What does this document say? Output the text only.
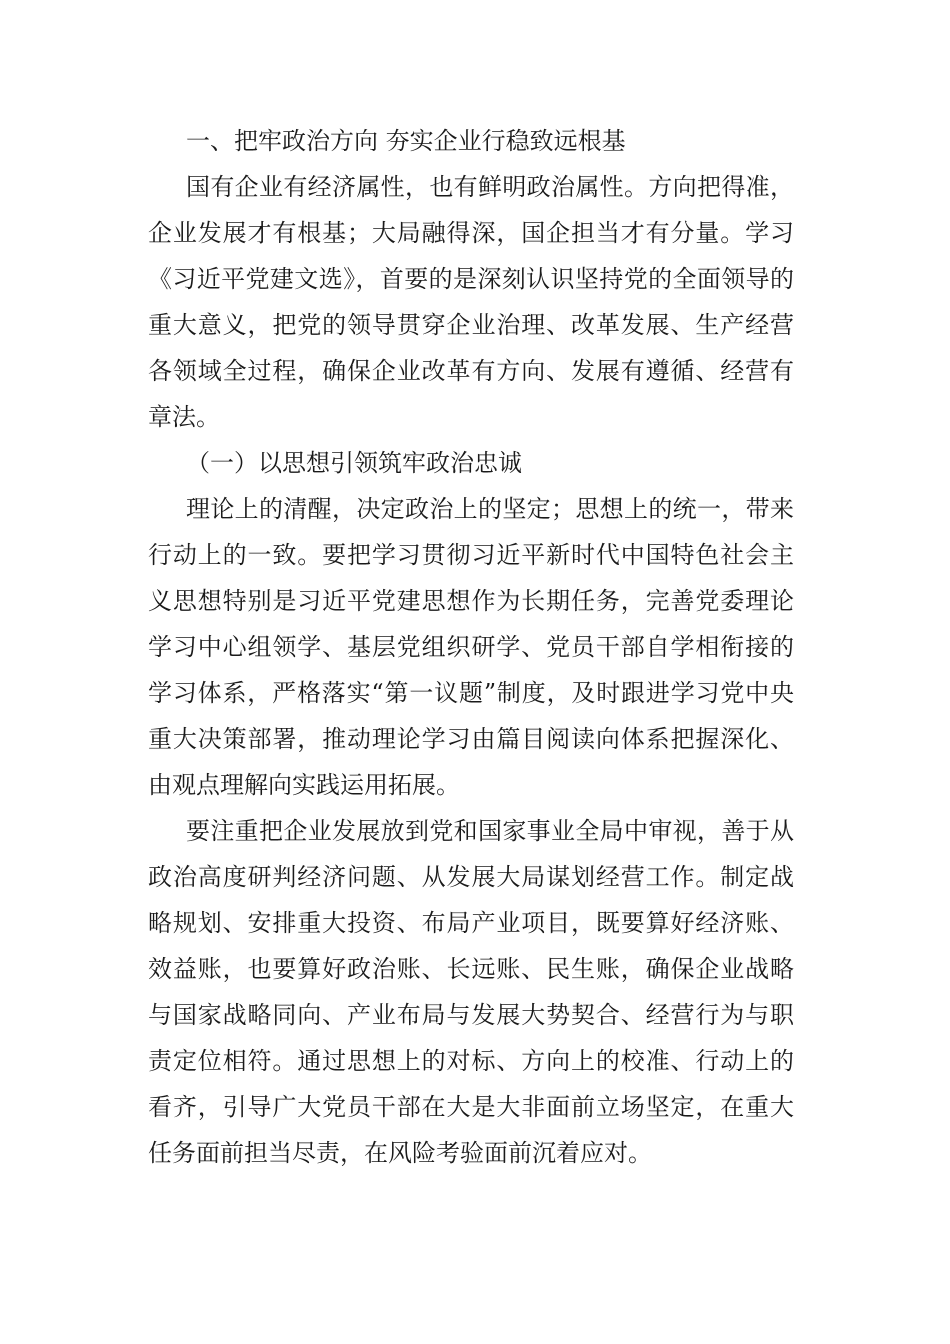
一、把牢政治方向 夯实企业行稳致远根基

国有企业有经济属性，也有鲜明政治属性。方向把得准，企业发展才有根基；大局融得深，国企担当才有分量。学习《习近平党建文选》，首要的是深刻认识坚持党的全面领导的重大意义，把党的领导贯穿企业治理、改革发展、生产经营各领域全过程，确保企业改革有方向、发展有遵循、经营有章法。

（一）以思想引领筑牢政治忠诚

理论上的清醒，决定政治上的坚定；思想上的统一，带来行动上的一致。要把学习贯彻习近平新时代中国特色社会主义思想特别是习近平党建思想作为长期任务，完善党委理论学习中心组领学、基层党组织研学、党员干部自学相衔接的学习体系，严格落实“第一议题”制度，及时跟进学习党中央重大决策部署，推动理论学习由篇目阅读向体系把握深化、由观点理解向实践运用拓展。

要注重把企业发展放到党和国家事业全局中审视，善于从政治高度研判经济问题、从发展大局谋划经营工作。制定战略规划、安排重大投资、布局产业项目，既要算好经济账、效益账，也要算好政治账、长远账、民生账，确保企业战略与国家战略同向、产业布局与发展大势契合、经营行为与职责定位相符。通过思想上的对标、方向上的校准、行动上的看齐，引导广大党员干部在大是大非面前立场坚定，在重大任务面前担当尽责，在风险考验面前沉着应对。
